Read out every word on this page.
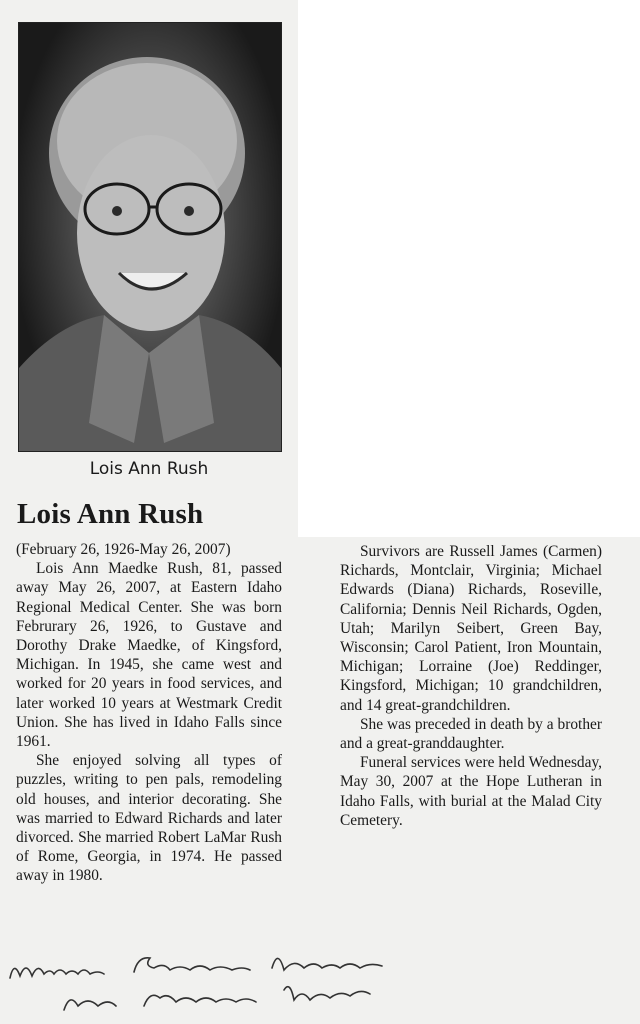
Lois Ann Rush
Lois Ann Rush

(February 26, 1926-May 26, 2007)

Lois Ann Maedke Rush, 81, passed away May 26, 2007, at Eastern Idaho Regional Medical Center. She was born Februrary 26, 1926, to Gustave and Dorothy Drake Maedke, of Kingsford, Michigan. In 1945, she came west and worked for 20 years in food services, and later worked 10 years at Westmark Credit Union. She has lived in Idaho Falls since 1961.

She enjoyed solving all types of puzzles, writing to pen pals, remodeling old houses, and interior decorating. She was married to Edward Richards and later divorced. She married Robert LaMar Rush of Rome, Georgia, in 1974. He passed away in 1980.

Survivors are Russell James (Carmen) Richards, Montclair, Virginia; Michael Edwards (Diana) Richards, Roseville, California; Dennis Neil Richards, Ogden, Utah; Marilyn Seibert, Green Bay, Wisconsin; Carol Patient, Iron Mountain, Michigan; Lorraine (Joe) Reddinger, Kingsford, Michigan; 10 grandchildren, and 14 great-grandchildren.

She was preceded in death by a brother and a great-granddaughter.

Funeral services were held Wednesday, May 30, 2007 at the Hope Lutheran in Idaho Falls, with burial at the Malad City Cemetery.
